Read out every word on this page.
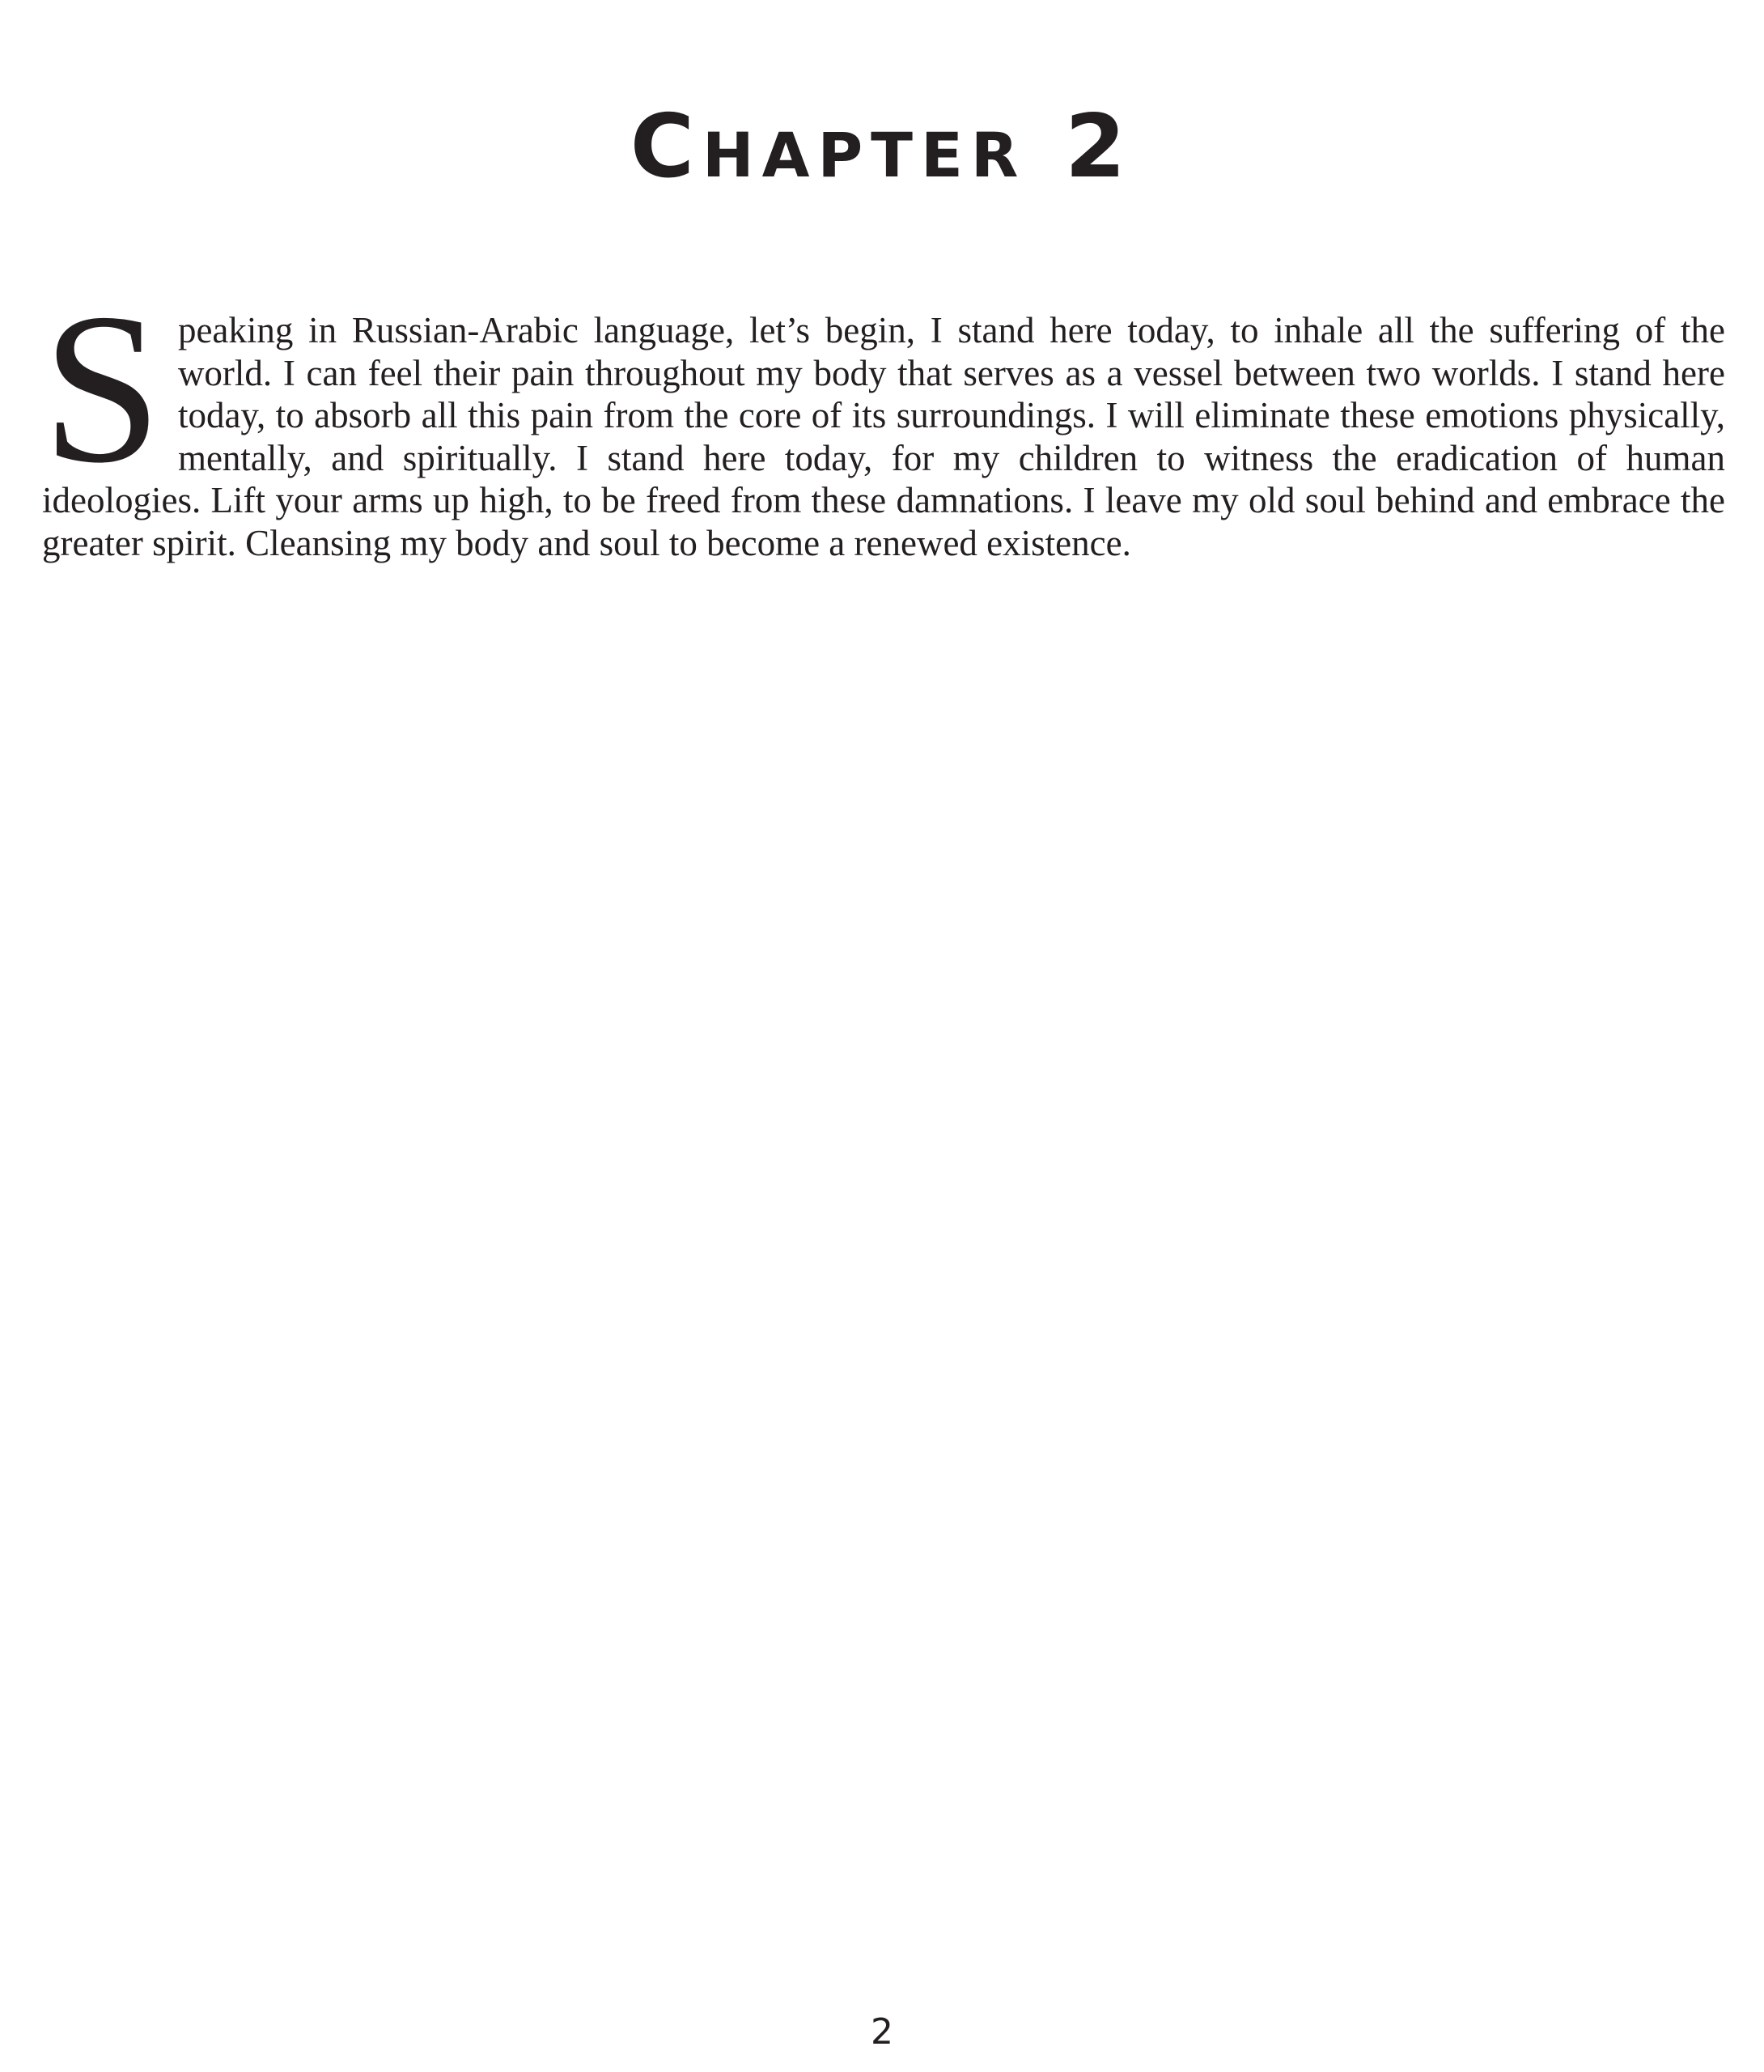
Chapter 2
Speaking in Russian-Arabic language, let’s begin, I stand here today, to inhale all the suffering of the world. I can feel their pain throughout my body that serves as a vessel between two worlds. I stand here today, to absorb all this pain from the core of its surroundings. I will eliminate these emotions physically, mentally, and spiritually. I stand here today, for my children to witness the eradication of human ideologies. Lift your arms up high, to be freed from these damnations. I leave my old soul behind and embrace the greater spirit. Cleansing my body and soul to become a renewed existence.
2
